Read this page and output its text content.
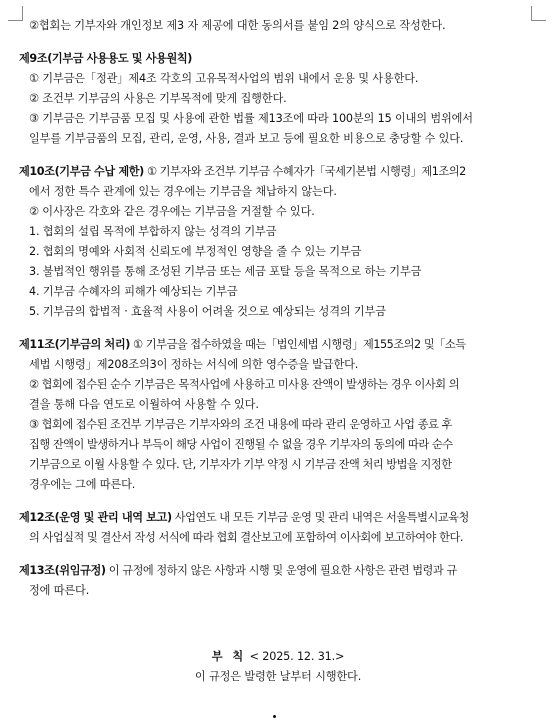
②협회는 기부자와 개인정보 제3 자 제공에 대한 동의서를 붙임 2의 양식으로 작성한다.
제9조(기부금 사용용도 및 사용원칙)
① 기부금은「정관」제4조 각호의 고유목적사업의 범위 내에서 운용 및 사용한다.
② 조건부 기부금의 사용은 기부목적에 맞게 집행한다.
③ 기부금은 기부금품 모집 및 사용에 관한 법률 제13조에 따라 100분의 15 이내의 범위에서
일부를 기부금품의 모집, 관리, 운영, 사용, 결과 보고 등에 필요한 비용으로 충당할 수 있다.
제10조(기부금 수납 제한) ① 기부자와 조건부 기부금 수혜자가「국세기본법 시행령」제1조의2
에서 정한 특수 관계에 있는 경우에는 기부금을 채납하지 않는다.
② 이사장은 각호와 같은 경우에는 기부금을 거절할 수 있다.
1. 협회의 설립 목적에 부합하지 않는 성격의 기부금
2. 협회의 명예와 사회적 신뢰도에 부정적인 영향을 줄 수 있는 기부금
3. 불법적인 행위를 통해 조성된 기부금 또는 세금 포탈 등을 목적으로 하는 기부금
4. 기부금 수혜자의 피해가 예상되는 기부금
5. 기부금의 합법적 · 효율적 사용이 어려울 것으로 예상되는 성격의 기부금
제11조(기부금의 처리) ① 기부금을 접수하였을 때는「법인세법 시행령」제155조의2 및「소득
세법 시행령」제208조의3이 정하는 서식에 의한 영수증을 발급한다.
② 협회에 접수된 순수 기부금은 목적사업에 사용하고 미사용 잔액이 발생하는 경우 이사회 의
결을 통해 다음 연도로 이월하여 사용할 수 있다.
③ 협회에 접수된 조건부 기부금은 기부자와의 조건 내용에 따라 관리 운영하고 사업 종료 후
집행 잔액이 발생하거나 부득이 해당 사업이 진행될 수 없을 경우 기부자의 동의에 따라 순수
기부금으로 이월 사용할 수 있다. 단, 기부자가 기부 약정 시 기부금 잔액 처리 방법을 지정한
경우에는 그에 따른다.
제12조(운영 및 관리 내역 보고) 사업연도 내 모든 기부금 운영 및 관리 내역은 서울특별시교육청
의 사업실적 및 결산서 작성 서식에 따라 협회 결산보고에 포함하여 이사회에 보고하여야 한다.
제13조(위임규정) 이 규정에 정하지 않은 사항과 시행 및 운영에 필요한 사항은 관련 법령과 규
정에 따른다.
부 칙 < 2025. 12. 31.>
이 규정은 발령한 날부터 시행한다.
